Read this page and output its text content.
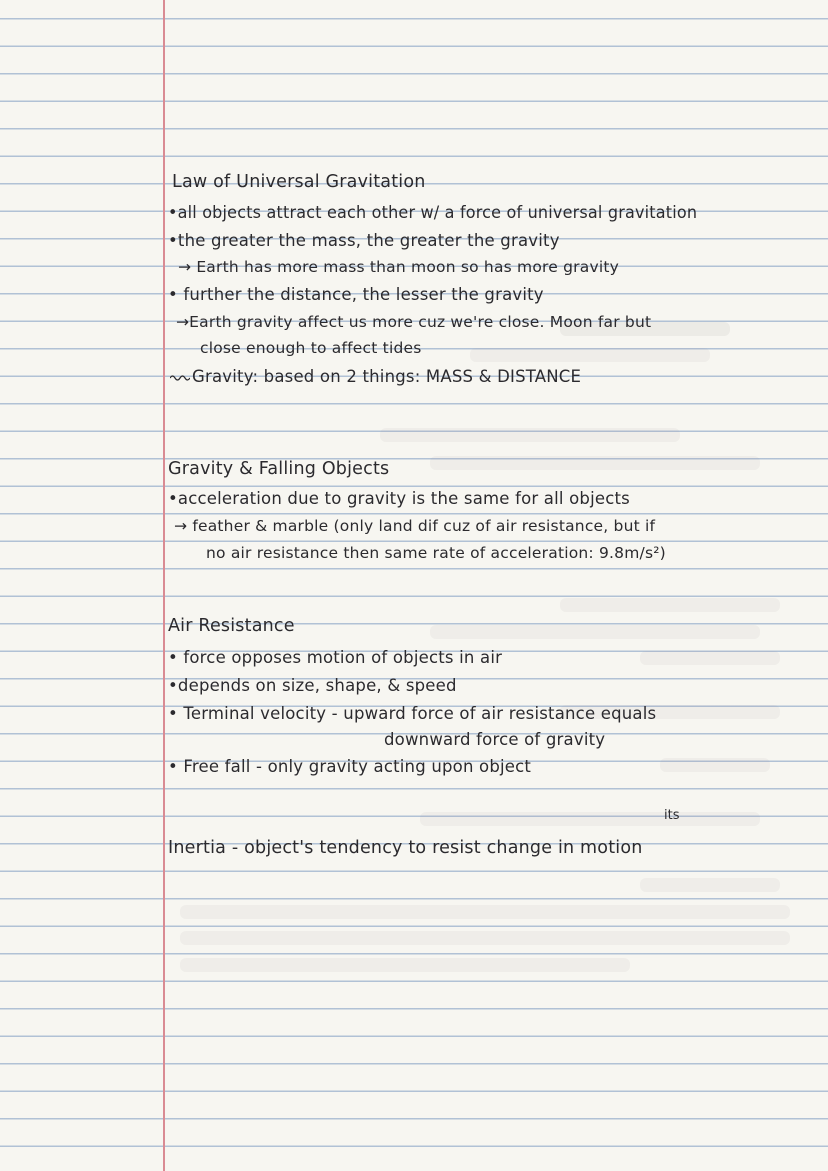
Law of Universal Gravitation
•all objects attract each other w/ a force of universal gravitation
•the greater the mass, the greater the gravity
→ Earth has more mass than moon so has more gravity
• further the distance, the lesser the gravity
→Earth gravity affect us more cuz we're close. Moon far but
close enough to affect tides
Gravity: based on 2 things: MASS & DISTANCE
Gravity & Falling Objects
•acceleration due to gravity is the same for all objects
→ feather & marble (only land dif cuz of air resistance, but if
no air resistance then same rate of acceleration: 9.8m/s²)
Air Resistance
• force opposes motion of objects in air
•depends on size, shape, & speed
• Terminal velocity - upward force of air resistance equals
downward force of gravity
• Free fall - only gravity acting upon object
its
Inertia - object's tendency to resist change in motion
